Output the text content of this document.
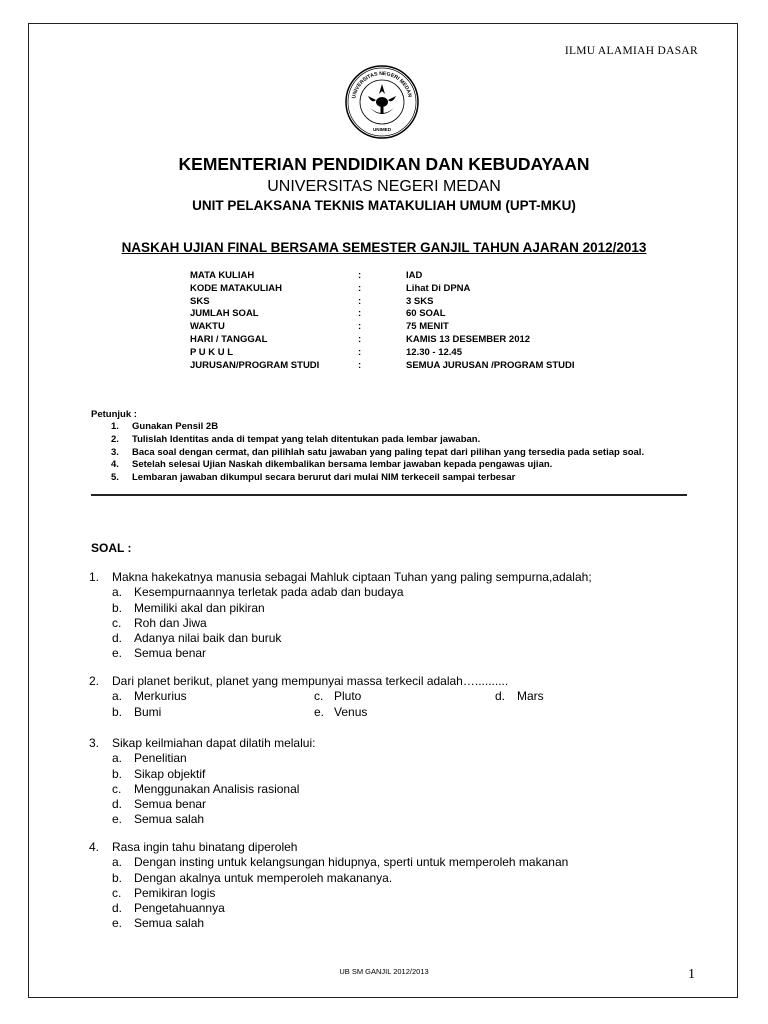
ILMU ALAMIAH DASAR
UNIVERSITAS NEGERI MEDAN
UNIMED
KEMENTERIAN PENDIDIKAN DAN KEBUDAYAAN
UNIVERSITAS NEGERI MEDAN
UNIT PELAKSANA TEKNIS MATAKULIAH UMUM (UPT-MKU)
NASKAH UJIAN FINAL BERSAMA SEMESTER GANJIL TAHUN AJARAN 2012/2013
MATA KULIAH	:	IAD
KODE MATAKULIAH	:	Lihat Di DPNA
SKS	:	3 SKS
JUMLAH SOAL	:	60 SOAL
WAKTU	:	75 MENIT
HARI / TANGGAL	:	KAMIS 13 DESEMBER 2012
P U K U L	:	12.30 - 12.45
JURUSAN/PROGRAM STUDI	:	SEMUA JURUSAN /PROGRAM STUDI
Petunjuk :
1. Gunakan Pensil 2B
2. Tulislah Identitas anda di tempat yang telah ditentukan pada lembar jawaban.
3. Baca soal dengan cermat, dan pilihlah satu jawaban yang paling tepat dari pilihan yang tersedia pada setiap soal.
4. Setelah selesai Ujian Naskah dikembalikan bersama lembar jawaban kepada pengawas ujian.
5. Lembaran jawaban dikumpul secara berurut dari mulai NIM terkeceil sampai terbesar
SOAL :
1. Makna hakekatnya manusia sebagai Mahluk ciptaan Tuhan yang paling sempurna,adalah;
a. Kesempurnaannya terletak pada adab dan budaya
b. Memiliki akal dan pikiran
c. Roh dan Jiwa
d. Adanya nilai baik dan buruk
e. Semua benar
2. Dari planet berikut, planet yang mempunyai massa terkecil adalah…..........
a. Merkurius	c. Pluto	d. Mars
b. Bumi	e. Venus
3. Sikap keilmiahan dapat dilatih melalui:
a. Penelitian
b. Sikap objektif
c. Menggunakan Analisis rasional
d. Semua benar
e. Semua salah
4. Rasa ingin tahu binatang diperoleh
a. Dengan insting untuk kelangsungan hidupnya, sperti untuk memperoleh makanan
b. Dengan akalnya untuk memperoleh makananya.
c. Pemikiran logis
d. Pengetahuannya
e. Semua salah
UB SM GANJIL 2012/2013	1
